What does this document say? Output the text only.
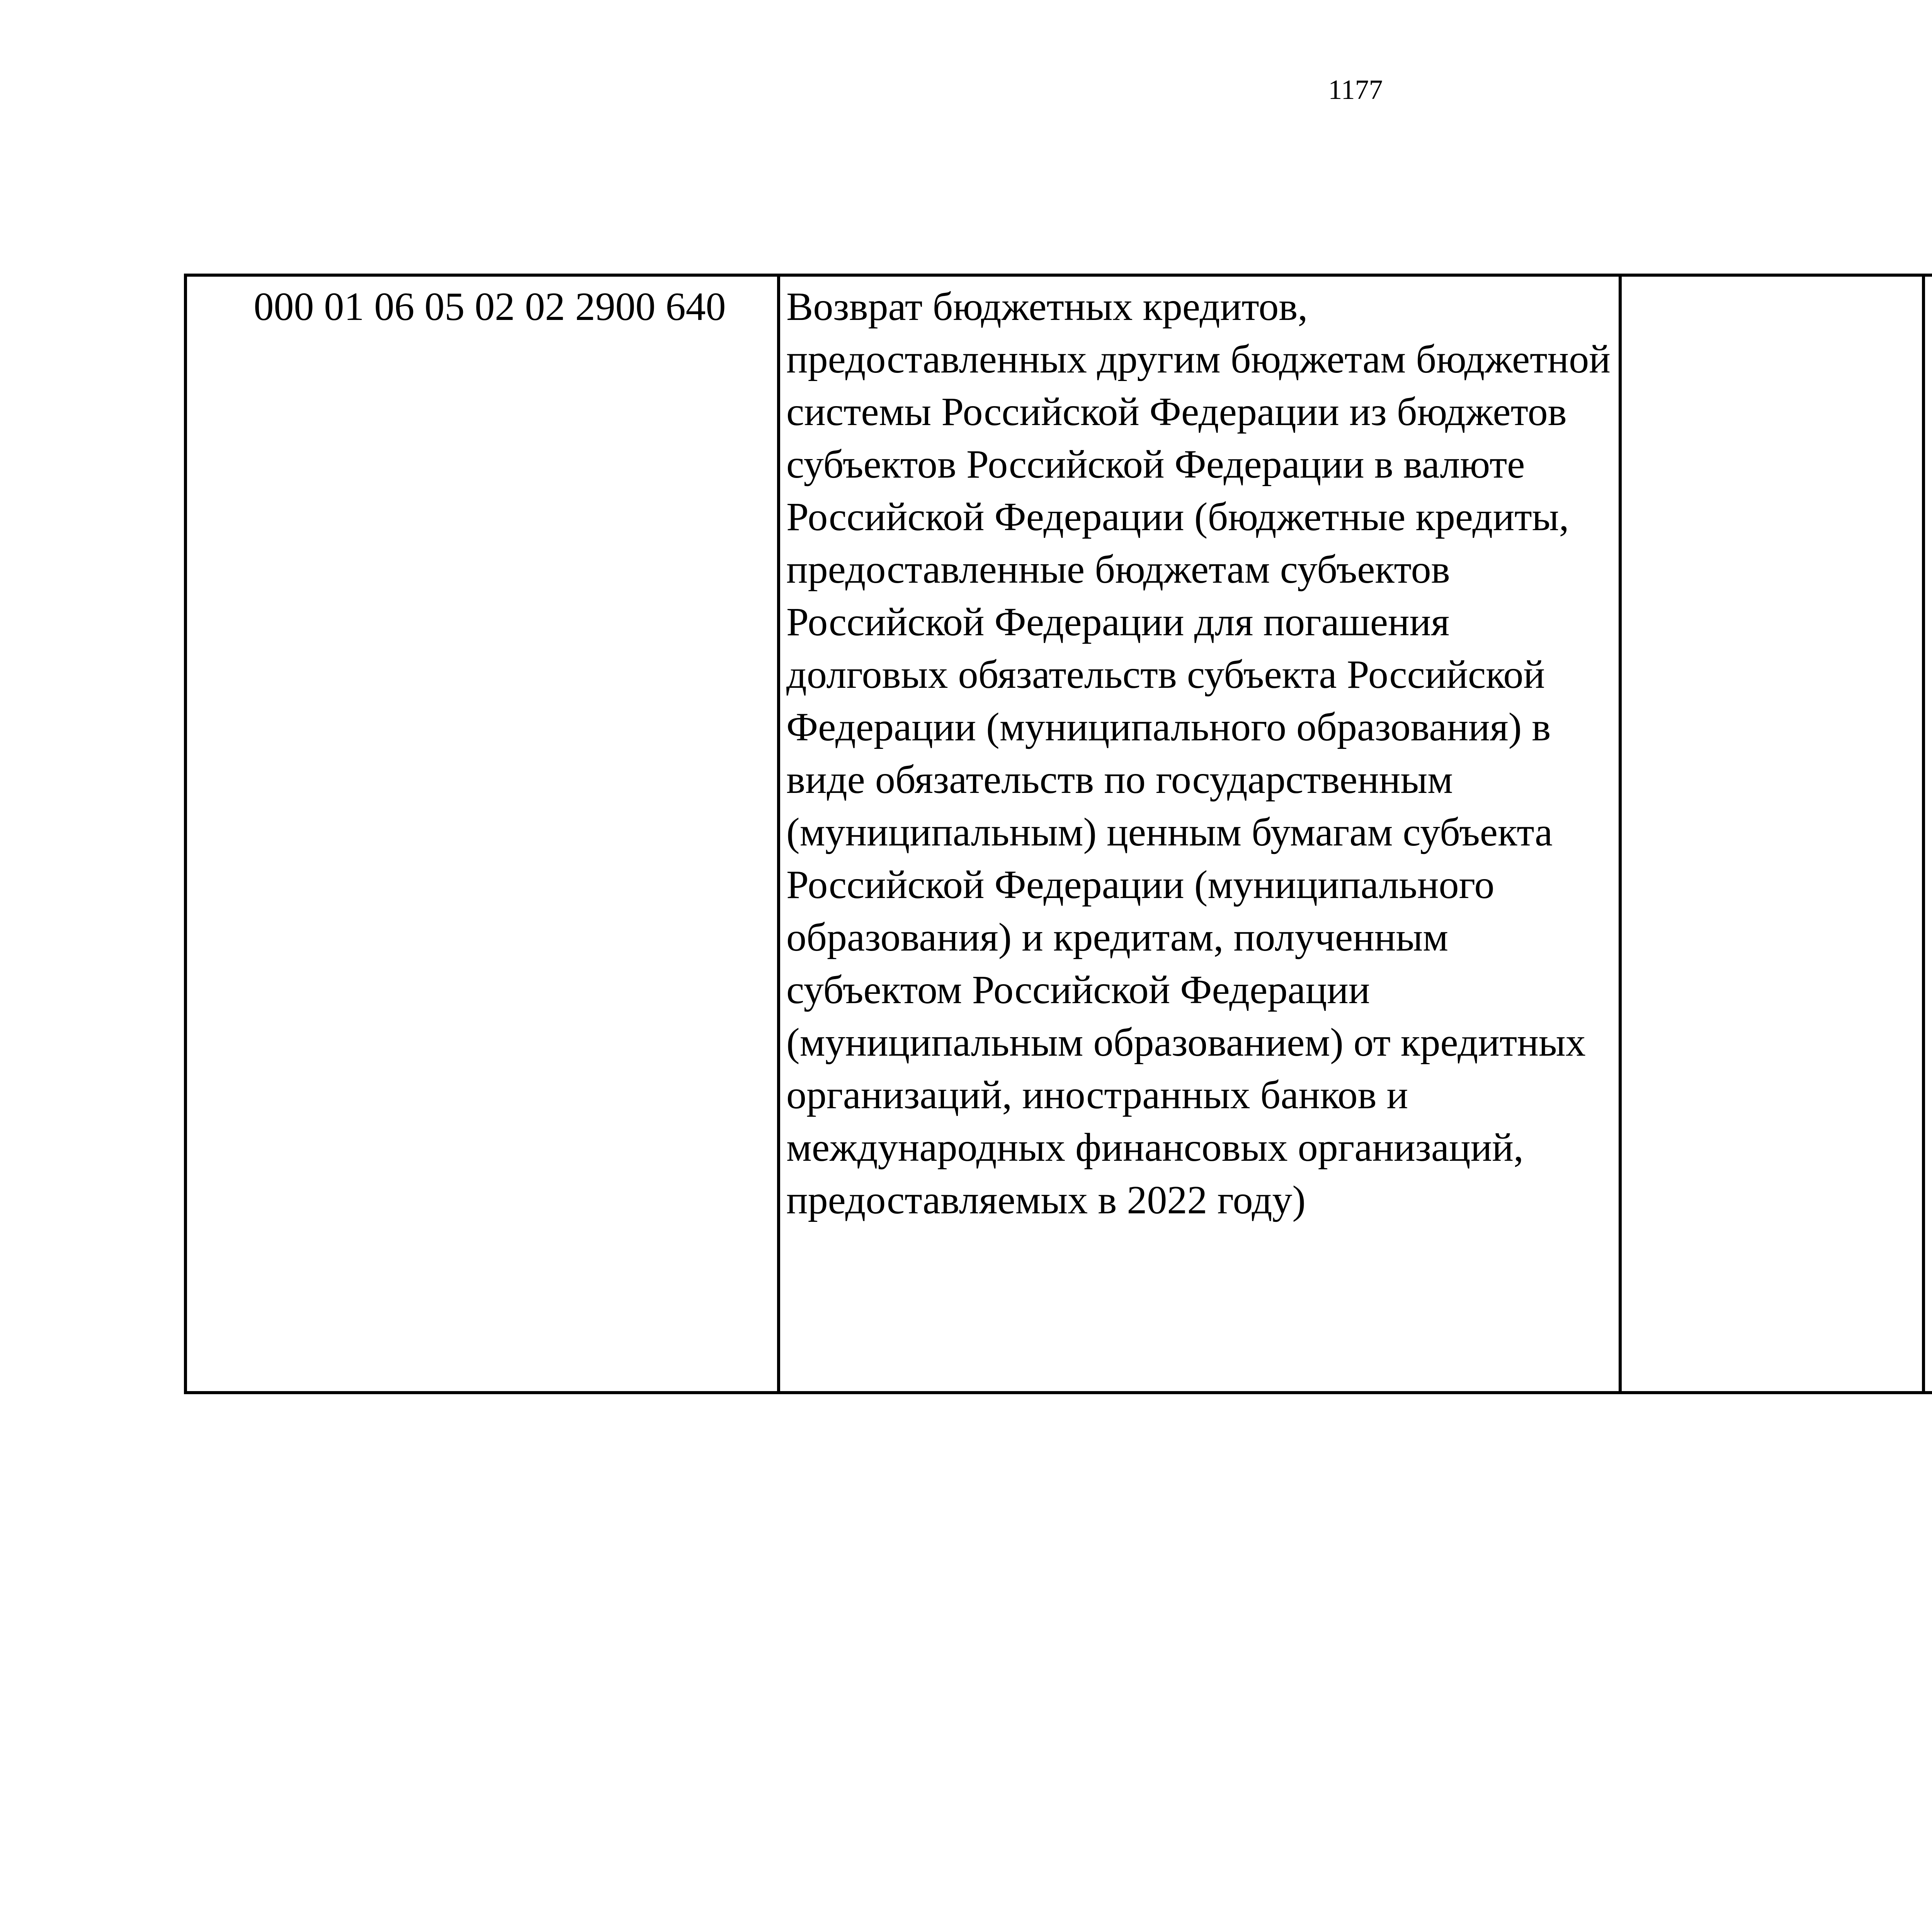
1177
000 01 06 05 02 02 2900 640	Возврат бюджетных кредитов, предоставленных другим бюджетам бюджетной системы Российской Федерации из бюджетов субъектов Российской Федерации в валюте Российской Федерации (бюджетные кредиты, предоставленные бюджетам субъектов Российской Федерации для погашения долговых обязательств субъекта Российской Федерации (муниципального образования) в виде обязательств по государственным (муниципальным) ценным бумагам субъекта Российской Федерации (муниципального образования) и кредитам, полученным субъектом Российской Федерации (муниципальным образованием) от кредитных организаций, иностранных банков и международных финансовых организаций, предоставляемых в 2022 году)			
